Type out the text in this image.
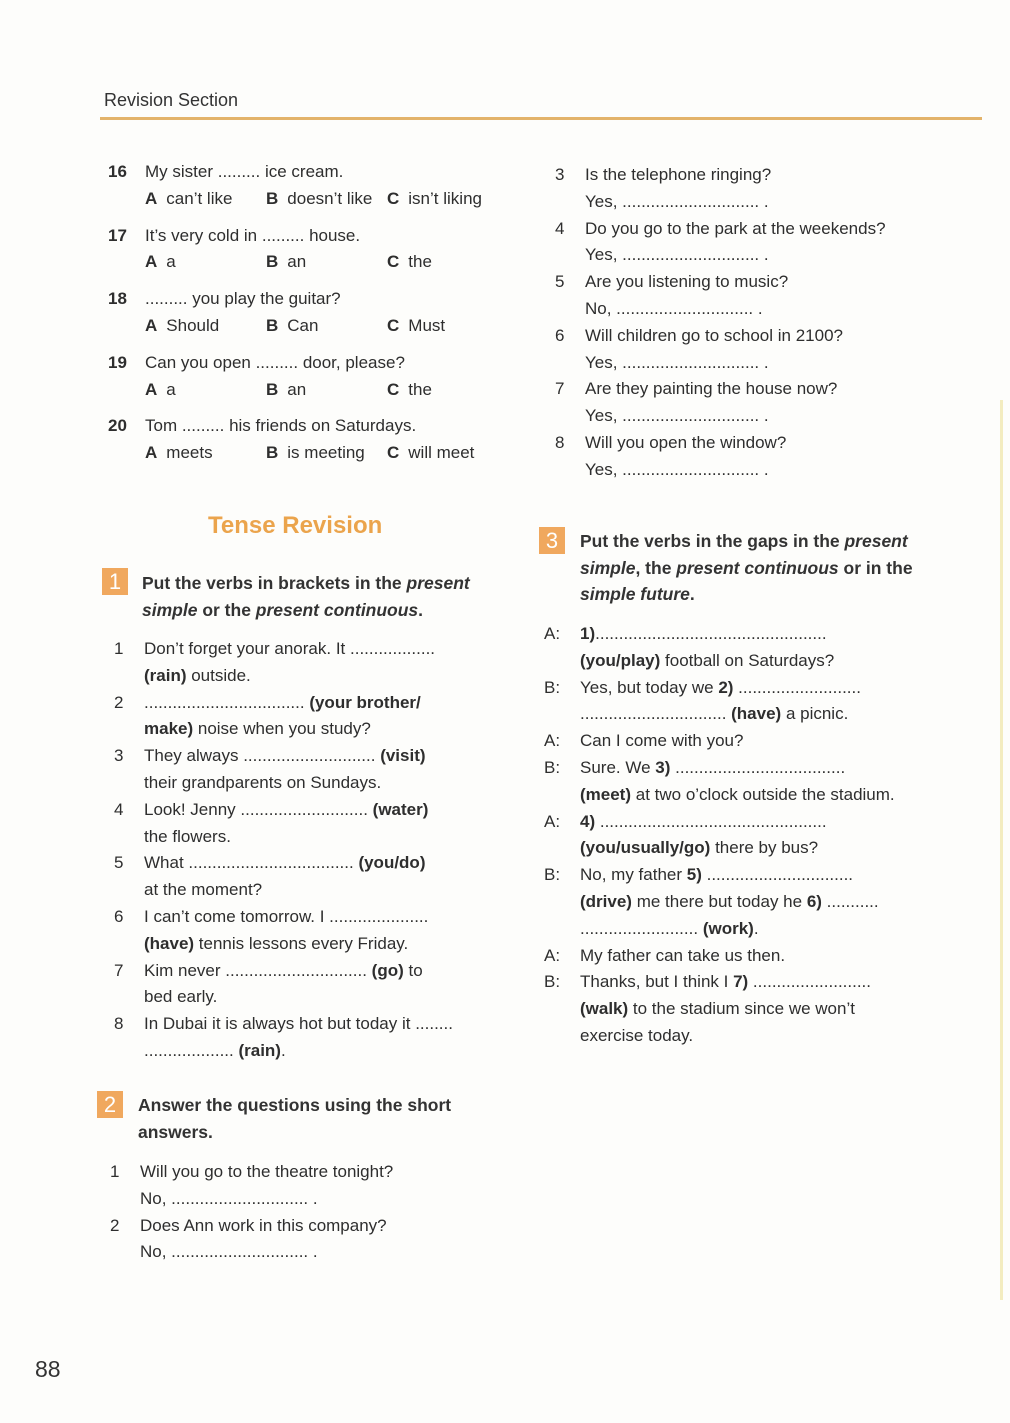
Revision Section
16 My sister ......... ice cream.
A can’t like	B doesn’t like C isn’t liking
17 It’s very cold in ......... house.
A a	B an	C the
18 ......... you play the guitar?
A Should	B Can	C Must
19 Can you open ......... door, please?
A a	B an	C the
20 Tom ......... his friends on Saturdays.
A meets	B is meeting	C will meet
Tense Revision
1	Put the verbs in brackets in the present
simple or the present continuous.
1 Don’t forget your anorak. It ..................
(rain) outside.
2 .................................. (your brother/
make) noise when you study?
3 They always ............................ (visit)
their grandparents on Sundays.
4 Look! Jenny ........................... (water)
the flowers.
5 What ................................... (you/do)
at the moment?
6 I can’t come tomorrow. I .....................
(have) tennis lessons every Friday.
7 Kim never .............................. (go) to
bed early.
8 In Dubai it is always hot but today it ........
................... (rain).
2	Answer the questions using the short
answers.
1 Will you go to the theatre tonight?
No, ............................. .
2 Does Ann work in this company?
No, ............................. .
3 Is the telephone ringing?
Yes, ............................. .
4 Do you go to the park at the weekends?
Yes, ............................. .
5 Are you listening to music?
No, ............................. .
6 Will children go to school in 2100?
Yes, ............................. .
7 Are they painting the house now?
Yes, ............................. .
8 Will you open the window?
Yes, ............................. .
3	Put the verbs in the gaps in the present
simple, the present continuous or in the
simple future.
A: 1).................................................
(you/play) football on Saturdays?
B: Yes, but today we 2) ..........................
............................... (have) a picnic.
A: Can I come with you?
B: Sure. We 3) ....................................
(meet) at two o’clock outside the stadium.
A: 4) ................................................
(you/usually/go) there by bus?
B: No, my father 5) ...............................
(drive) me there but today he 6) ...........
......................... (work).
A: My father can take us then.
B: Thanks, but I think I 7) .........................
(walk) to the stadium since we won’t
exercise today.
88
